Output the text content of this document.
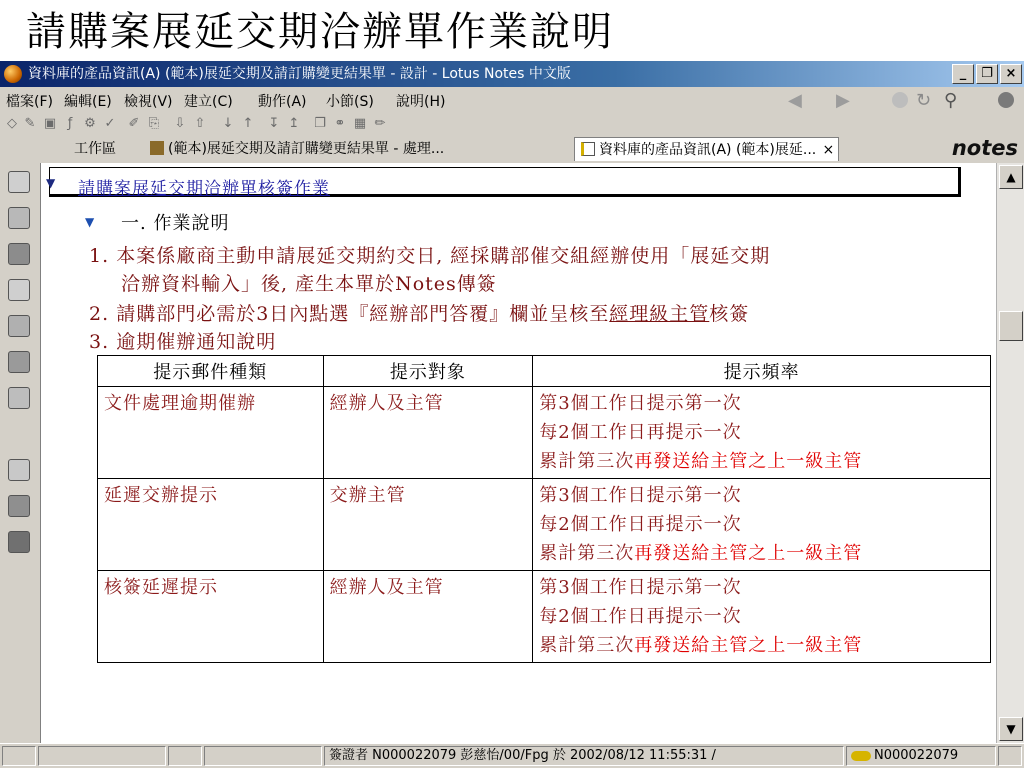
請購案展延交期洽辦單作業說明
資料庫的產品資訊(A) (範本)展延交期及請訂購變更結果單 - 設計 - Lotus Notes 中文版	_	❐ ×
檔案(F) 編輯(E) 檢視(V) 建立(C) 動作(A) 小節(S) 說明(H)	◀ ▶	↻ ⚲
◇ ✎ ▣ ƒ ⚙ ✓ ✐ ⎘ ⇩ ⇧ ↓ ↑ ↧ ↥ ❐ ⚭ ▦ ✏
工作區	(範本)展延交期及請訂購變更結果單 - 處理...	資料庫的產品資訊(A) (範本)展延... ×	notes
▼ 請購案展延交期洽辦單核簽作業
▼ 一. 作業說明
1. 本案係廠商主動申請展延交期約交日, 經採購部催交組經辦使用「展延交期
洽辦資料輸入」後, 產生本單於Notes傳簽
2. 請購部門必需於3日內點選『經辦部門答覆』欄並呈核至經理級主管核簽
3. 逾期催辦通知說明
提示郵件種類	提示對象	提示頻率
文件處理逾期催辦	經辦人及主管	第3個工作日提示第一次
每2個工作日再提示一次
累計第三次再發送給主管之上一級主管

延遲交辦提示	交辦主管	第3個工作日提示第一次
每2個工作日再提示一次
累計第三次再發送給主管之上一級主管

核簽延遲提示	經辦人及主管	第3個工作日提示第一次
每2個工作日再提示一次
累計第三次再發送給主管之上一級主管
▲
▼
簽證者 N000022079 彭慈怡/00/Fpg 於 2002/08/12 11:55:31 /	N000022079
